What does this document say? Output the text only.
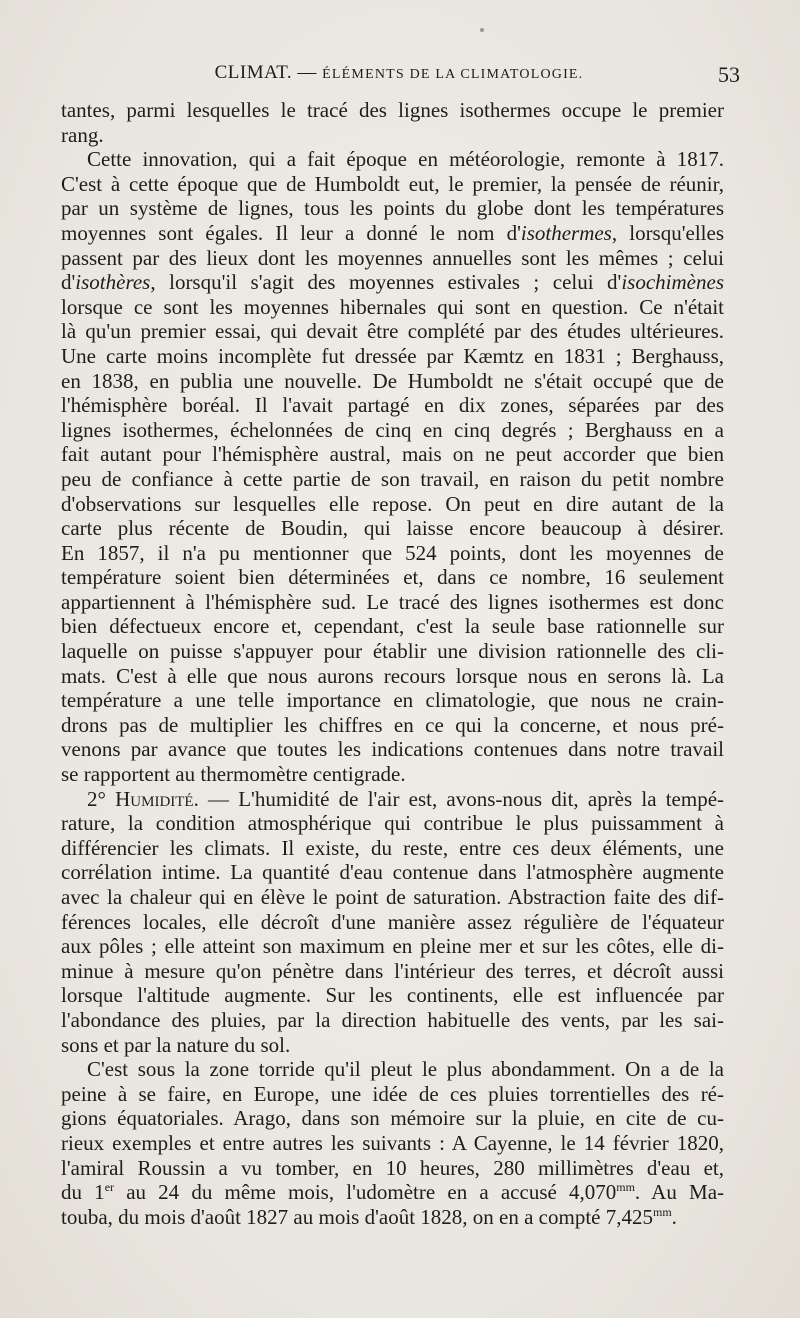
CLIMAT. — ÉLÉMENTS DE LA CLIMATOLOGIE.	53
tantes, parmi lesquelles le tracé des lignes isothermes occupe le premier
rang.
Cette innovation, qui a fait époque en météorologie, remonte à 1817.
C'est à cette époque que de Humboldt eut, le premier, la pensée de réunir,
par un système de lignes, tous les points du globe dont les températures
moyennes sont égales. Il leur a donné le nom d'isothermes, lorsqu'elles
passent par des lieux dont les moyennes annuelles sont les mêmes ; celui
d'isothères, lorsqu'il s'agit des moyennes estivales ; celui d'isochimènes
lorsque ce sont les moyennes hibernales qui sont en question. Ce n'était
là qu'un premier essai, qui devait être complété par des études ultérieures.
Une carte moins incomplète fut dressée par Kæmtz en 1831 ; Berghauss,
en 1838, en publia une nouvelle. De Humboldt ne s'était occupé que de
l'hémisphère boréal. Il l'avait partagé en dix zones, séparées par des
lignes isothermes, échelonnées de cinq en cinq degrés ; Berghauss en a
fait autant pour l'hémisphère austral, mais on ne peut accorder que bien
peu de confiance à cette partie de son travail, en raison du petit nombre
d'observations sur lesquelles elle repose. On peut en dire autant de la
carte plus récente de Boudin, qui laisse encore beaucoup à désirer.
En 1857, il n'a pu mentionner que 524 points, dont les moyennes de
température soient bien déterminées et, dans ce nombre, 16 seulement
appartiennent à l'hémisphère sud. Le tracé des lignes isothermes est donc
bien défectueux encore et, cependant, c'est la seule base rationnelle sur
laquelle on puisse s'appuyer pour établir une division rationnelle des cli-
mats. C'est à elle que nous aurons recours lorsque nous en serons là. La
température a une telle importance en climatologie, que nous ne crain-
drons pas de multiplier les chiffres en ce qui la concerne, et nous pré-
venons par avance que toutes les indications contenues dans notre travail
se rapportent au thermomètre centigrade.
2° Humidité. — L'humidité de l'air est, avons-nous dit, après la tempé-
rature, la condition atmosphérique qui contribue le plus puissamment à
différencier les climats. Il existe, du reste, entre ces deux éléments, une
corrélation intime. La quantité d'eau contenue dans l'atmosphère augmente
avec la chaleur qui en élève le point de saturation. Abstraction faite des dif-
férences locales, elle décroît d'une manière assez régulière de l'équateur
aux pôles ; elle atteint son maximum en pleine mer et sur les côtes, elle di-
minue à mesure qu'on pénètre dans l'intérieur des terres, et décroît aussi
lorsque l'altitude augmente. Sur les continents, elle est influencée par
l'abondance des pluies, par la direction habituelle des vents, par les sai-
sons et par la nature du sol.
C'est sous la zone torride qu'il pleut le plus abondamment. On a de la
peine à se faire, en Europe, une idée de ces pluies torrentielles des ré-
gions équatoriales. Arago, dans son mémoire sur la pluie, en cite de cu-
rieux exemples et entre autres les suivants : A Cayenne, le 14 février 1820,
l'amiral Roussin a vu tomber, en 10 heures, 280 millimètres d'eau et,
du 1er au 24 du même mois, l'udomètre en a accusé $4,070^{mm}$. Au Ma-
touba, du mois d'août 1827 au mois d'août 1828, on en a compté $7,425^{mm}$.
